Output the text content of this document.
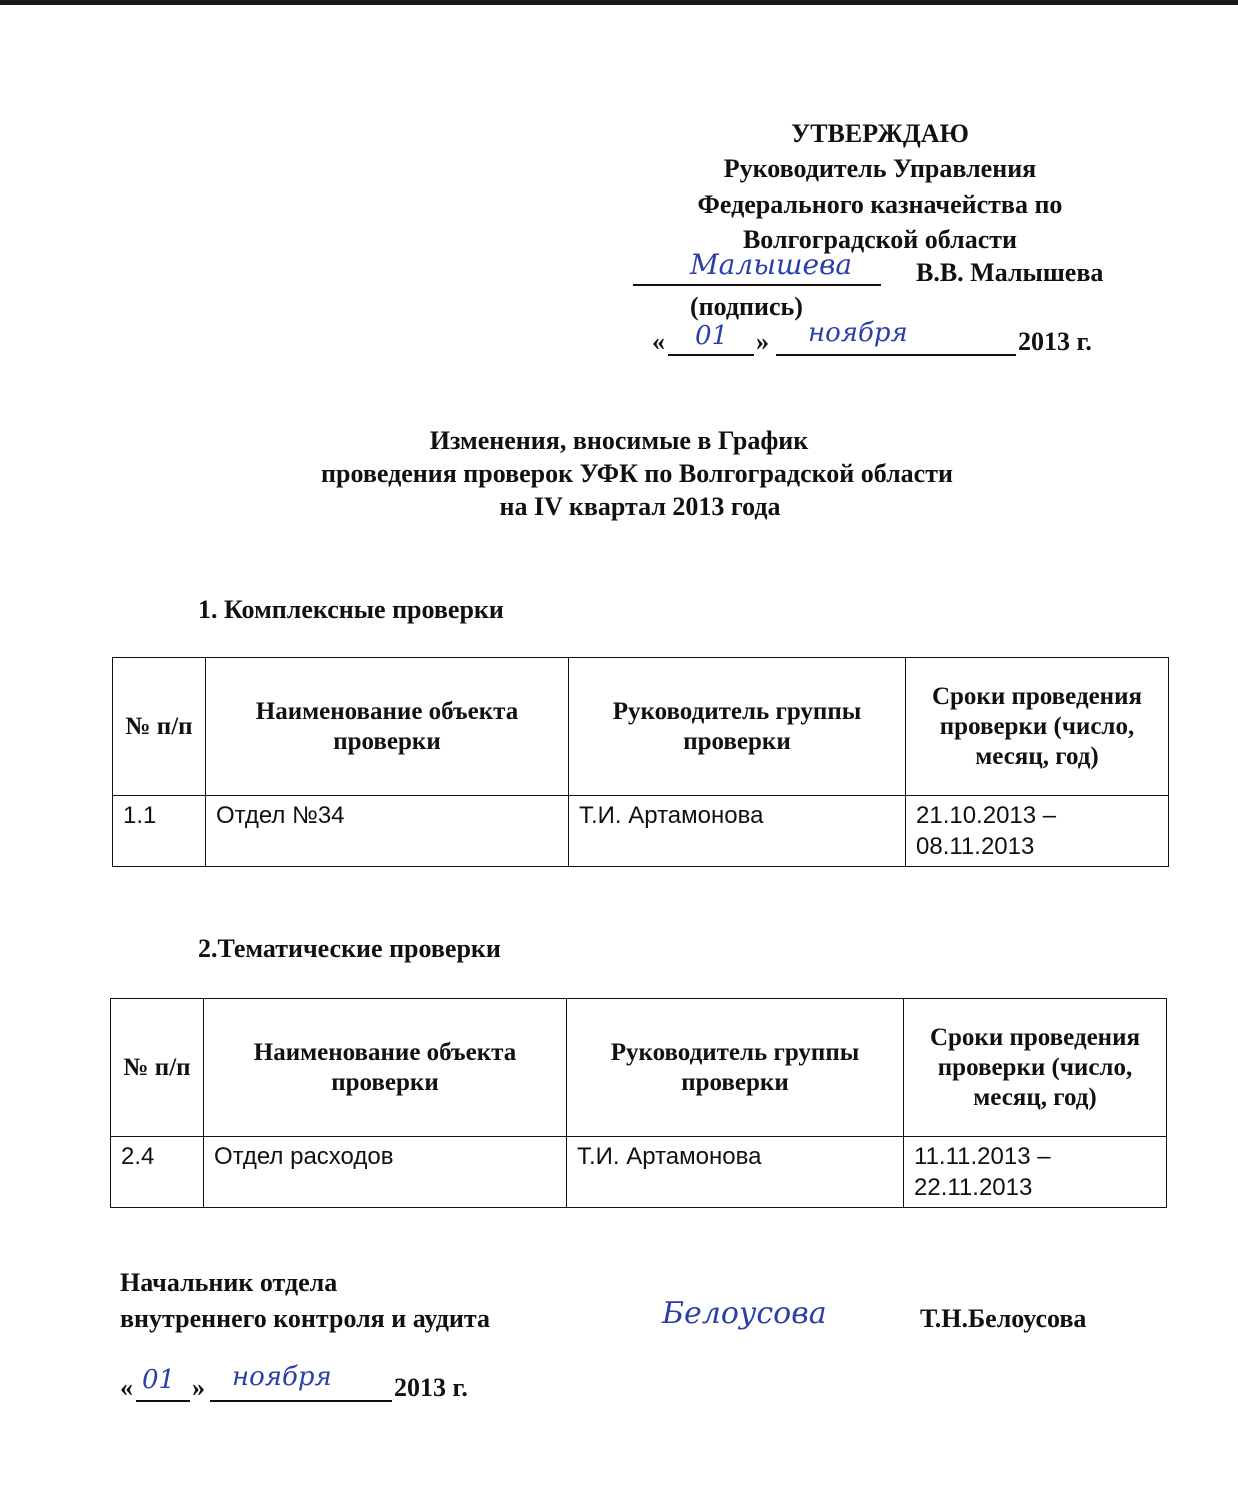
УТВЕРЖДАЮ
Руководитель Управления
Федерального казначейства по
Волгоградской области
Малышева В.В. Малышева
(подпись)
« 01 » ноября	2013 г.
Изменения, вносимые в График
проведения проверок УФК по Волгоградской области
на IV квартал 2013 года
1. Комплексные проверки
№ п/п	Наименование объекта проверки	Руководитель группы проверки	Сроки проведения проверки (число, месяц, год)
1.1	Отдел №34	Т.И. Артамонова	21.10.2013 – 08.11.2013
2.Тематические проверки
№ п/п	Наименование объекта проверки	Руководитель группы проверки	Сроки проведения проверки (число, месяц, год)
2.4	Отдел расходов	Т.И. Артамонова	11.11.2013 – 22.11.2013
Начальник отдела
внутреннего контроля и аудита	Белоусова	Т.Н.Белоусова
« 01 » ноября 2013 г.
